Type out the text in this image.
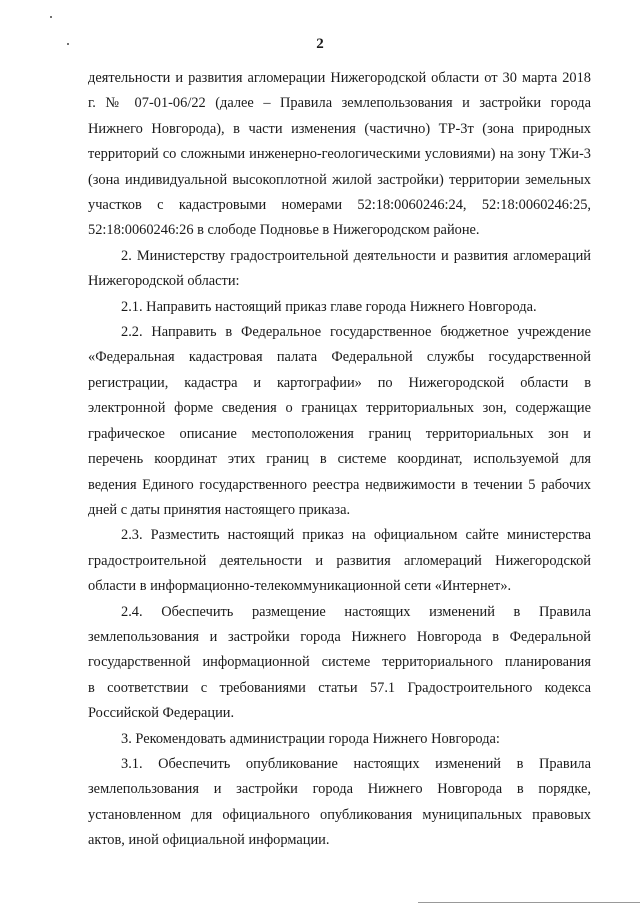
2
деятельности и развития агломерации Нижегородской области от 30 марта 2018
г. № 07-01-06/22 (далее – Правила землепользования и застройки города
Нижнего Новгорода), в части изменения (частично) ТР-3т (зона природных
территорий со сложными инженерно-геологическими условиями) на зону ТЖи-3
(зона индивидуальной высокоплотной жилой застройки) территории земельных
участков с кадастровыми номерами 52:18:0060246:24, 52:18:0060246:25,
52:18:0060246:26 в слободе Подновье в Нижегородском районе.
2. Министерству градостроительной деятельности и развития агломераций
Нижегородской области:
2.1. Направить настоящий приказ главе города Нижнего Новгорода.
2.2. Направить в Федеральное государственное бюджетное учреждение
«Федеральная кадастровая палата Федеральной службы государственной
регистрации, кадастра и картографии» по Нижегородской области в
электронной форме сведения о границах территориальных зон, содержащие
графическое описание местоположения границ территориальных зон и
перечень координат этих границ в системе координат, используемой для
ведения Единого государственного реестра недвижимости в течении 5 рабочих
дней с даты принятия настоящего приказа.
2.3. Разместить настоящий приказ на официальном сайте министерства
градостроительной деятельности и развития агломераций Нижегородской
области в информационно-телекоммуникационной сети «Интернет».
2.4. Обеспечить размещение настоящих изменений в Правила
землепользования и застройки города Нижнего Новгорода в Федеральной
государственной информационной системе территориального планирования
в соответствии с требованиями статьи 57.1 Градостроительного кодекса
Российской Федерации.
3. Рекомендовать администрации города Нижнего Новгорода:
3.1. Обеспечить опубликование настоящих изменений в Правила
землепользования и застройки города Нижнего Новгорода в порядке,
установленном для официального опубликования муниципальных правовых
актов, иной официальной информации.
